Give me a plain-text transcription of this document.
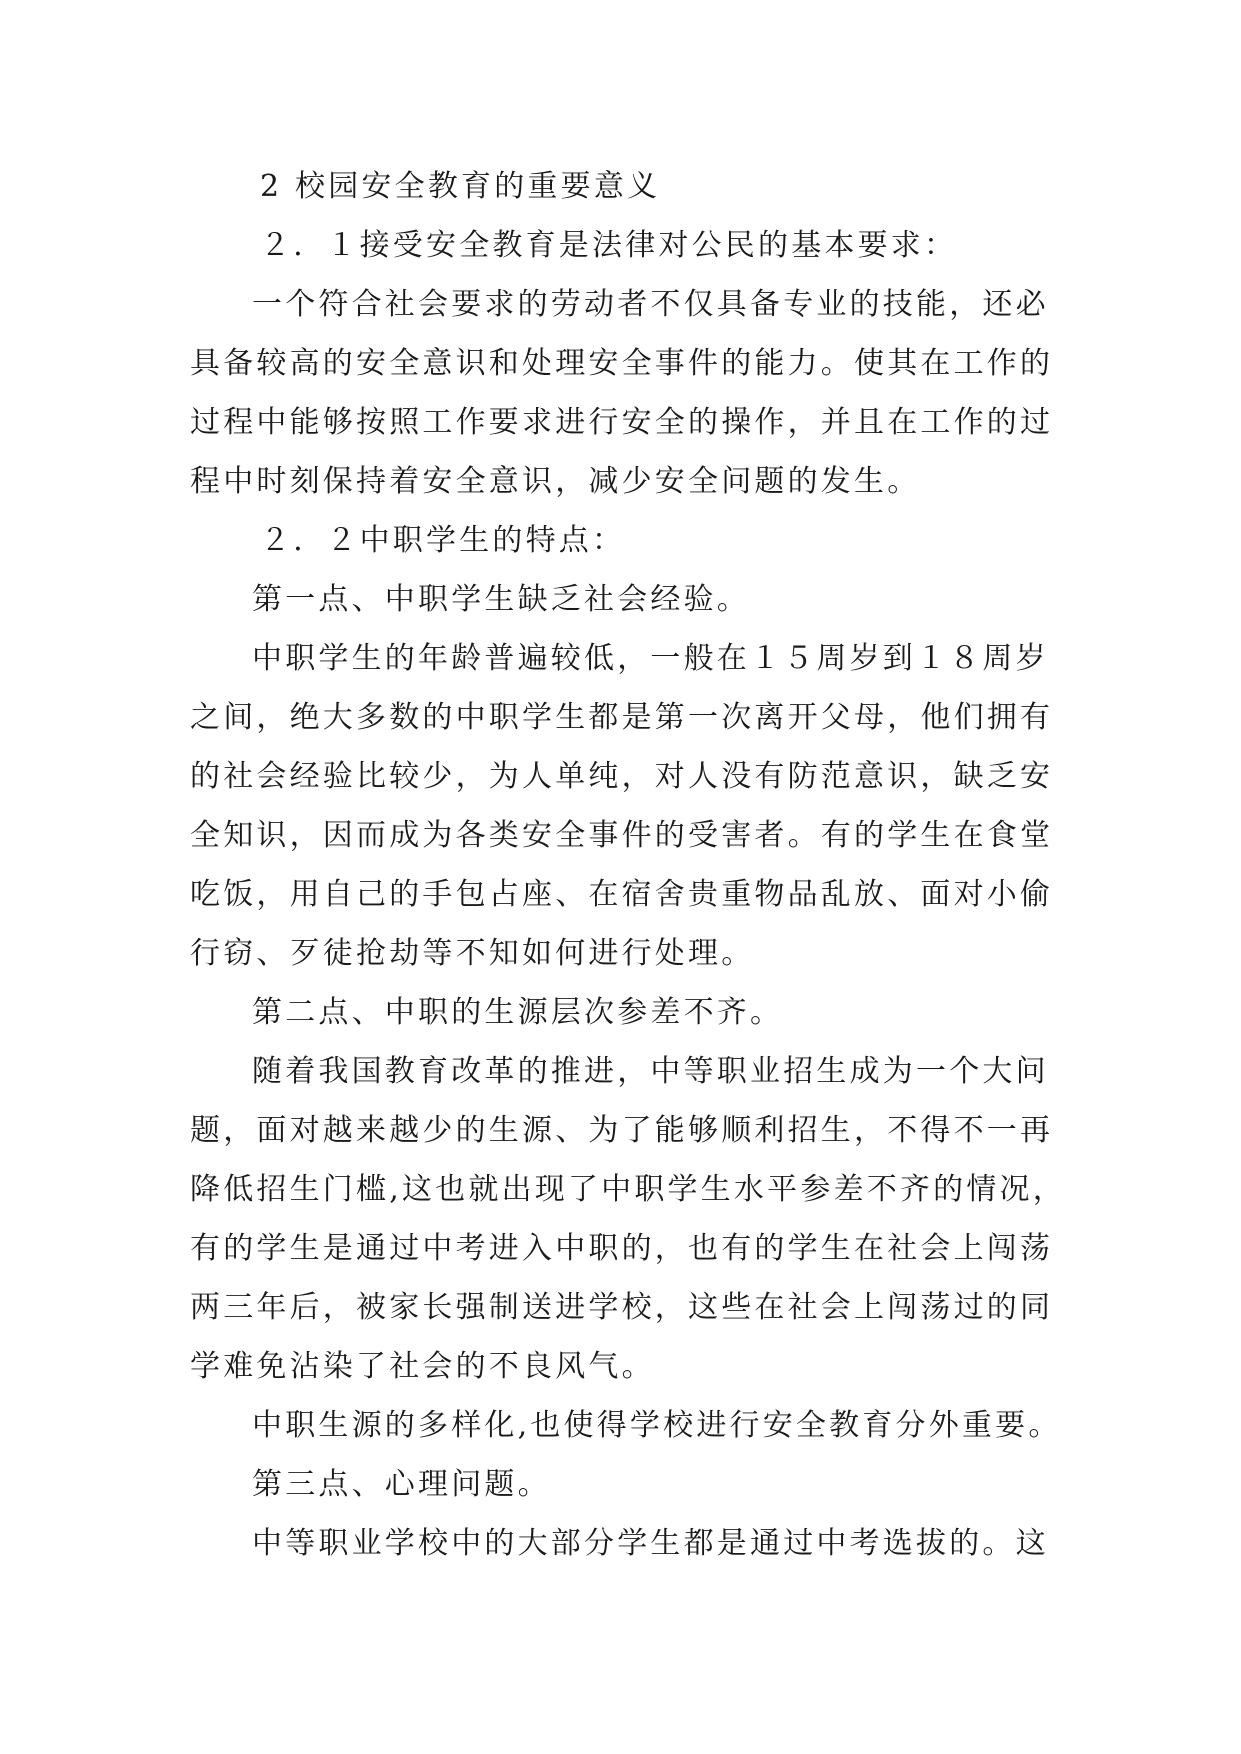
2 校园安全教育的重要意义
２．１接受安全教育是法律对公民的基本要求：
一个符合社会要求的劳动者不仅具备专业的技能，还必
具备较高的安全意识和处理安全事件的能力。使其在工作的
过程中能够按照工作要求进行安全的操作，并且在工作的过
程中时刻保持着安全意识，减少安全问题的发生。
２．２中职学生的特点：
第一点、中职学生缺乏社会经验。
中职学生的年龄普遍较低，一般在１５周岁到１８周岁
之间，绝大多数的中职学生都是第一次离开父母，他们拥有
的社会经验比较少，为人单纯，对人没有防范意识，缺乏安
全知识，因而成为各类安全事件的受害者。有的学生在食堂
吃饭，用自己的手包占座、在宿舍贵重物品乱放、面对小偷
行窃、歹徒抢劫等不知如何进行处理。
第二点、中职的生源层次参差不齐。
随着我国教育改革的推进，中等职业招生成为一个大问
题，面对越来越少的生源、为了能够顺利招生，不得不一再
降低招生门槛,这也就出现了中职学生水平参差不齐的情况，
有的学生是通过中考进入中职的，也有的学生在社会上闯荡
两三年后，被家长强制送进学校，这些在社会上闯荡过的同
学难免沾染了社会的不良风气。
中职生源的多样化,也使得学校进行安全教育分外重要。
第三点、心理问题。
中等职业学校中的大部分学生都是通过中考选拔的。这
